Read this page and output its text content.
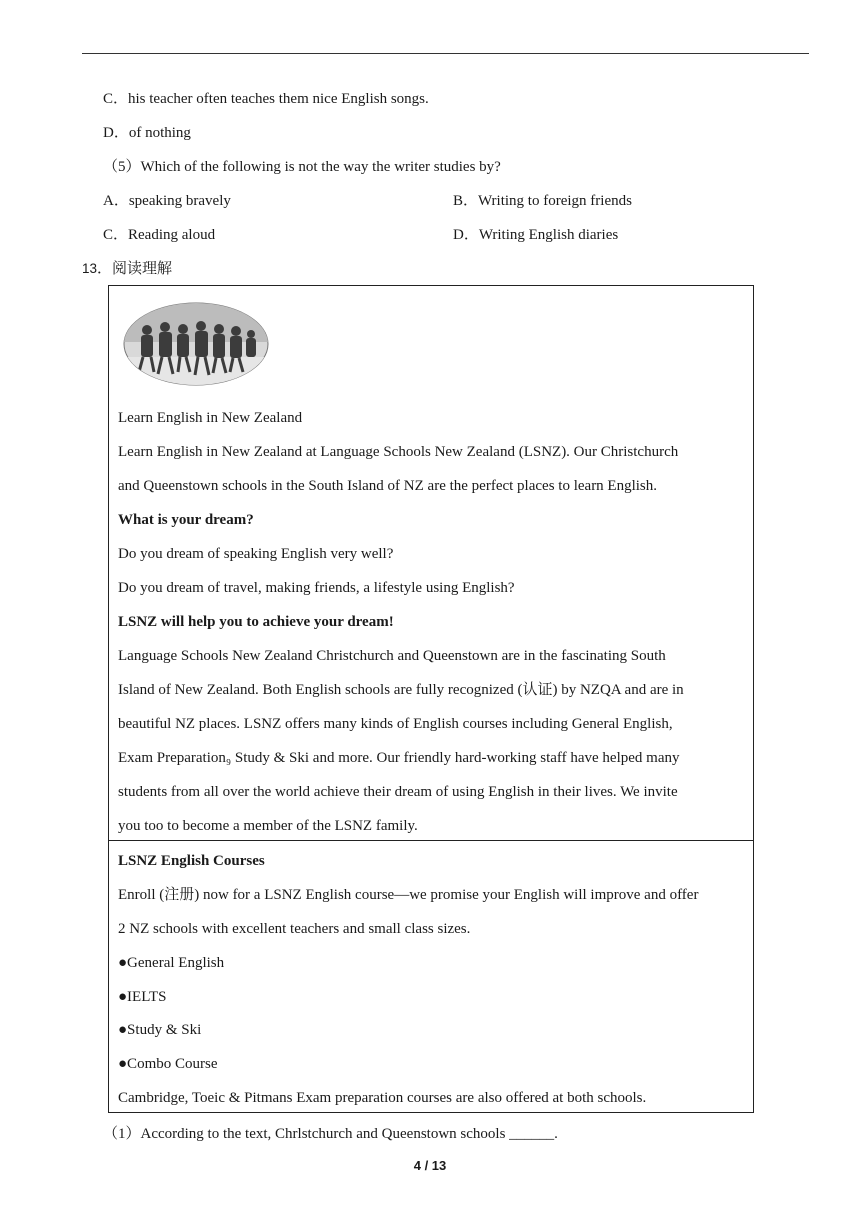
C．his teacher often teaches them nice English songs.
D．of nothing
（5）Which of the following is not the way the writer studies by?
A．speaking bravely	B．Writing to foreign friends
C．Reading aloud	D．Writing English diaries
13．阅读理解
Learn English in New Zealand
Learn English in New Zealand at Language Schools New Zealand (LSNZ). Our Christchurch
and Queenstown schools in the South Island of NZ are the perfect places to learn English.
What is your dream?
Do you dream of speaking English very well?
Do you dream of travel, making friends, a lifestyle using English?
LSNZ will help you to achieve your dream!
Language Schools New Zealand Christchurch and Queenstown are in the fascinating South
Island of New Zealand. Both English schools are fully recognized (认证) by NZQA and are in
beautiful NZ places. LSNZ offers many kinds of English courses including General English,
Exam Preparation₉ Study & Ski and more. Our friendly hard-working staff have helped many
students from all over the world achieve their dream of using English in their lives. We invite
you too to become a member of the LSNZ family.
LSNZ English Courses
Enroll (注册) now for a LSNZ English course—we promise your English will improve and offer
2 NZ schools with excellent teachers and small class sizes.
●General English
●IELTS
●Study & Ski
●Combo Course
Cambridge, Toeic & Pitmans Exam preparation courses are also offered at both schools.
（1）According to the text, Chrlstchurch and Queenstown schools ______.
4 / 13
